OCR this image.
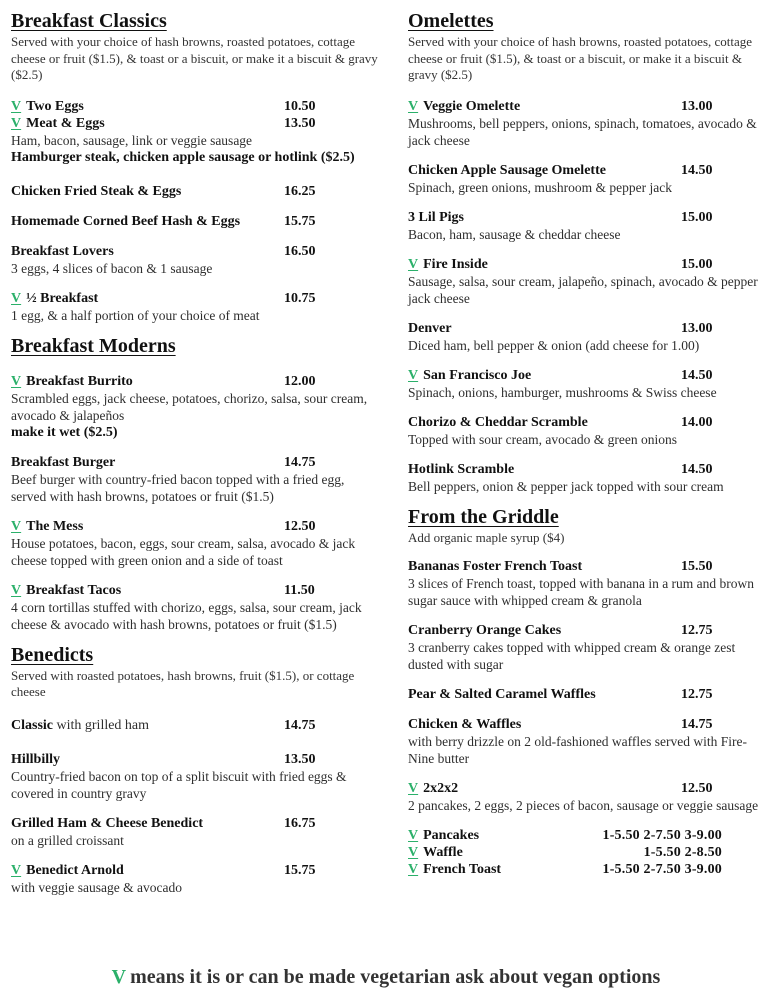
Breakfast Classics

Served with your choice of hash browns, roasted potatoes, cottage cheese or fruit ($1.5), & toast or a biscuit, or make it a biscuit & gravy ($2.5)

V Two Eggs	10.50
V Meat & Eggs	13.50
Ham, bacon, sausage, link or veggie sausage
Hamburger steak, chicken apple sausage or hotlink ($2.5)
Chicken Fried Steak & Eggs	16.25
Homemade Corned Beef Hash & Eggs	15.75
Breakfast Lovers	16.50
3 eggs, 4 slices of bacon & 1 sausage
V ½ Breakfast	10.75
1 egg, & a half portion of your choice of meat
Breakfast Moderns
V Breakfast Burrito	12.00
Scrambled eggs, jack cheese, potatoes, chorizo, salsa, sour cream, avocado & jalapeños
make it wet ($2.5)
Breakfast Burger	14.75
Beef burger with country-fried bacon topped with a fried egg, served with hash browns, potatoes or fruit ($1.5)
V The Mess	12.50
House potatoes, bacon, eggs, sour cream, salsa, avocado & jack cheese topped with green onion and a side of toast
V Breakfast Tacos	11.50
4 corn tortillas stuffed with chorizo, eggs, salsa, sour cream, jack cheese & avocado with hash browns, potatoes or fruit ($1.5)
Benedicts

Served with roasted potatoes, hash browns, fruit ($1.5), or cottage cheese

Classic with grilled ham	14.75
Hillbilly	13.50
Country-fried bacon on top of a split biscuit with fried eggs & covered in country gravy
Grilled Ham & Cheese Benedict	16.75
on a grilled croissant
V Benedict Arnold	15.75
with veggie sausage & avocado
Omelettes

Served with your choice of hash browns, roasted potatoes, cottage cheese or fruit ($1.5), & toast or a biscuit, or make it a biscuit & gravy ($2.5)

V Veggie Omelette	13.00
Mushrooms, bell peppers, onions, spinach, tomatoes, avocado & jack cheese
Chicken Apple Sausage Omelette	14.50
Spinach, green onions, mushroom & pepper jack
3 Lil Pigs	15.00
Bacon, ham, sausage & cheddar cheese
V Fire Inside	15.00
Sausage, salsa, sour cream, jalapeño, spinach, avocado & pepper jack cheese
Denver	13.00
Diced ham, bell pepper & onion (add cheese for 1.00)
V San Francisco Joe	14.50
Spinach, onions, hamburger, mushrooms & Swiss cheese
Chorizo & Cheddar Scramble	14.00
Topped with sour cream, avocado & green onions
Hotlink Scramble	14.50
Bell peppers, onion & pepper jack topped with sour cream
From the Griddle

Add organic maple syrup ($4)

Bananas Foster French Toast	15.50
3 slices of French toast, topped with banana in a rum and brown sugar sauce with whipped cream & granola
Cranberry Orange Cakes	12.75
3 cranberry cakes topped with whipped cream & orange zest dusted with sugar
Pear & Salted Caramel Waffles	12.75
Chicken & Waffles	14.75
with berry drizzle on 2 old-fashioned waffles served with Fire-Nine butter
V 2x2x2	12.50
2 pancakes, 2 eggs, 2 pieces of bacon, sausage or veggie sausage
V Pancakes	1-5.50 2-7.50 3-9.00
V Waffle	1-5.50 2-8.50
V French Toast	1-5.50 2-7.50 3-9.00
V means it is or can be made vegetarian ask about vegan options
